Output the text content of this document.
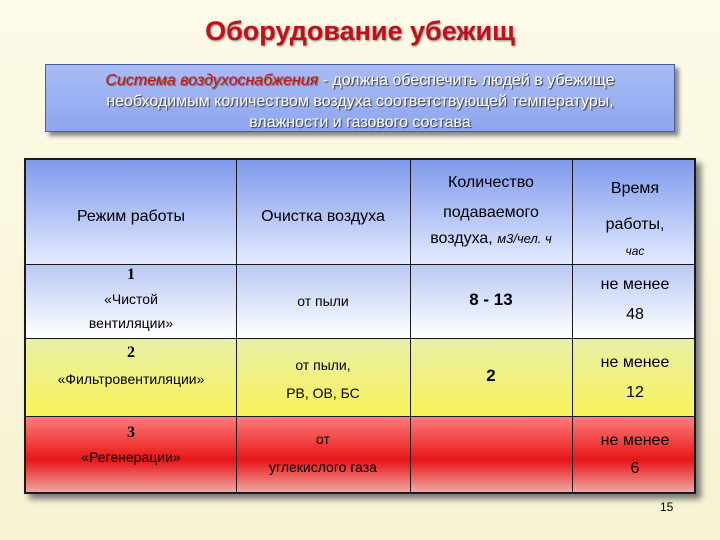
Оборудование убежищ
Система воздухоснабжения - должна обеспечить людей в убежище
необходимым количеством воздуха соответствующей температуры,
влажности и газового состава
Режим работы	Очистка воздуха
Количество
подаваемого
воздуха, м3/чел. ч
Время
работы,
час
1
«Чистой
вентиляции»
от пыли	8 - 13
не менее
48
2
«Фильтровентиляции»
от пыли,
РВ, ОВ, БС
2
не менее
12
3
«Регенерации»
от
углекислого газа
не менее
6
15
